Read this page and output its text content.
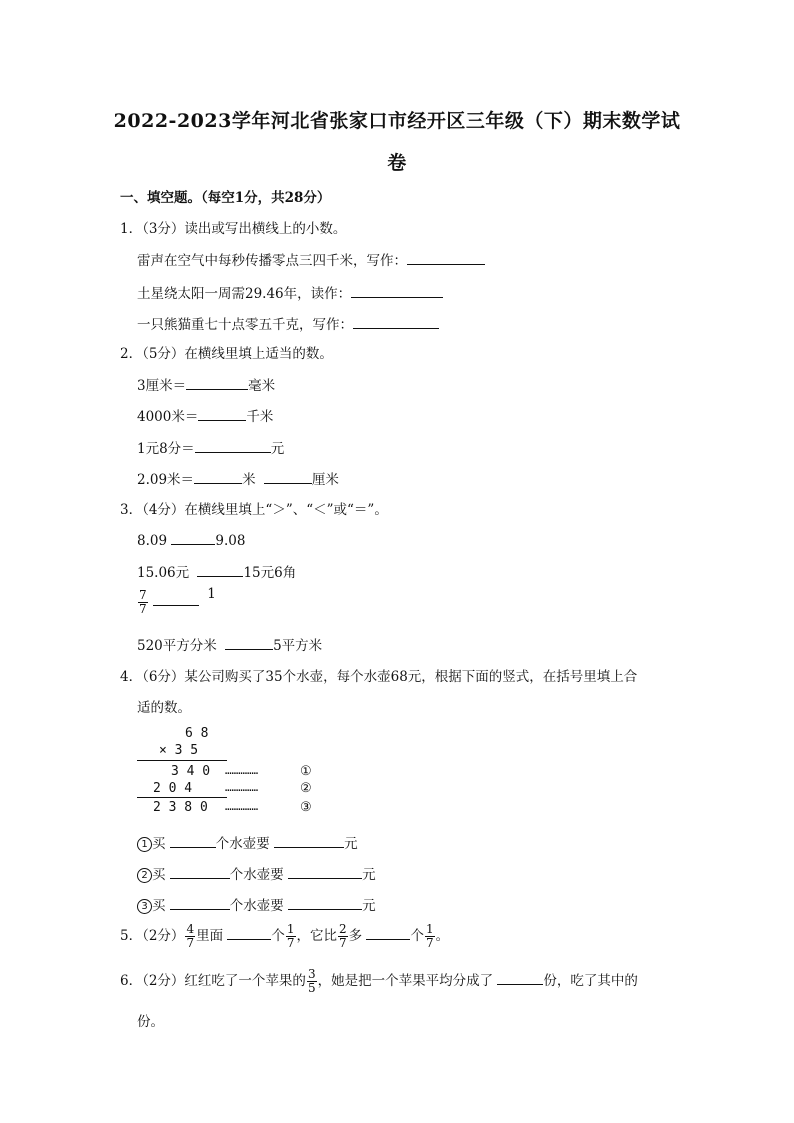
2022-2023学年河北省张家口市经开区三年级（下）期末数学试
卷
一、填空题。（每空1分，共28分）
1．（3分）读出或写出横线上的小数。
雷声在空气中每秒传播零点三四千米，写作：
土星绕太阳一周需29.46年，读作：
一只熊猫重七十点零五千克，写作：
2．（5分）在横线里填上适当的数。
3厘米＝	毫米
4000米＝	千米
1元8分＝	元
2.09米＝	米	厘米
3．（4分）在横线里填上“＞”、“＜”或“＝”。
8.09	9.08
15.06元	15元6角
$\frac{7}{7}$	1
520平方分米	5平方米
4．（6分）某公司购买了35个水壶，每个水壶68元，根据下面的竖式，在括号里填上合
适的数。
6 8
× 3 5
3 4 0 ……………	①
2 0 4	……………	②
2 3 8 0 ……………	③
1 买	个水壶要	元
2 买	个水壶要	元
3 买	个水壶要	元
5．（2分） $\frac{4}{7}$ 里面	个 $\frac{1}{7}$ ，它比 $\frac{2}{7}$ 多	个 $\frac{1}{7}$ 。
6．（2分）红红吃了一个苹果的 $\frac{3}{5}$ ，她是把一个苹果平均分成了	份，吃了其中的
份。
